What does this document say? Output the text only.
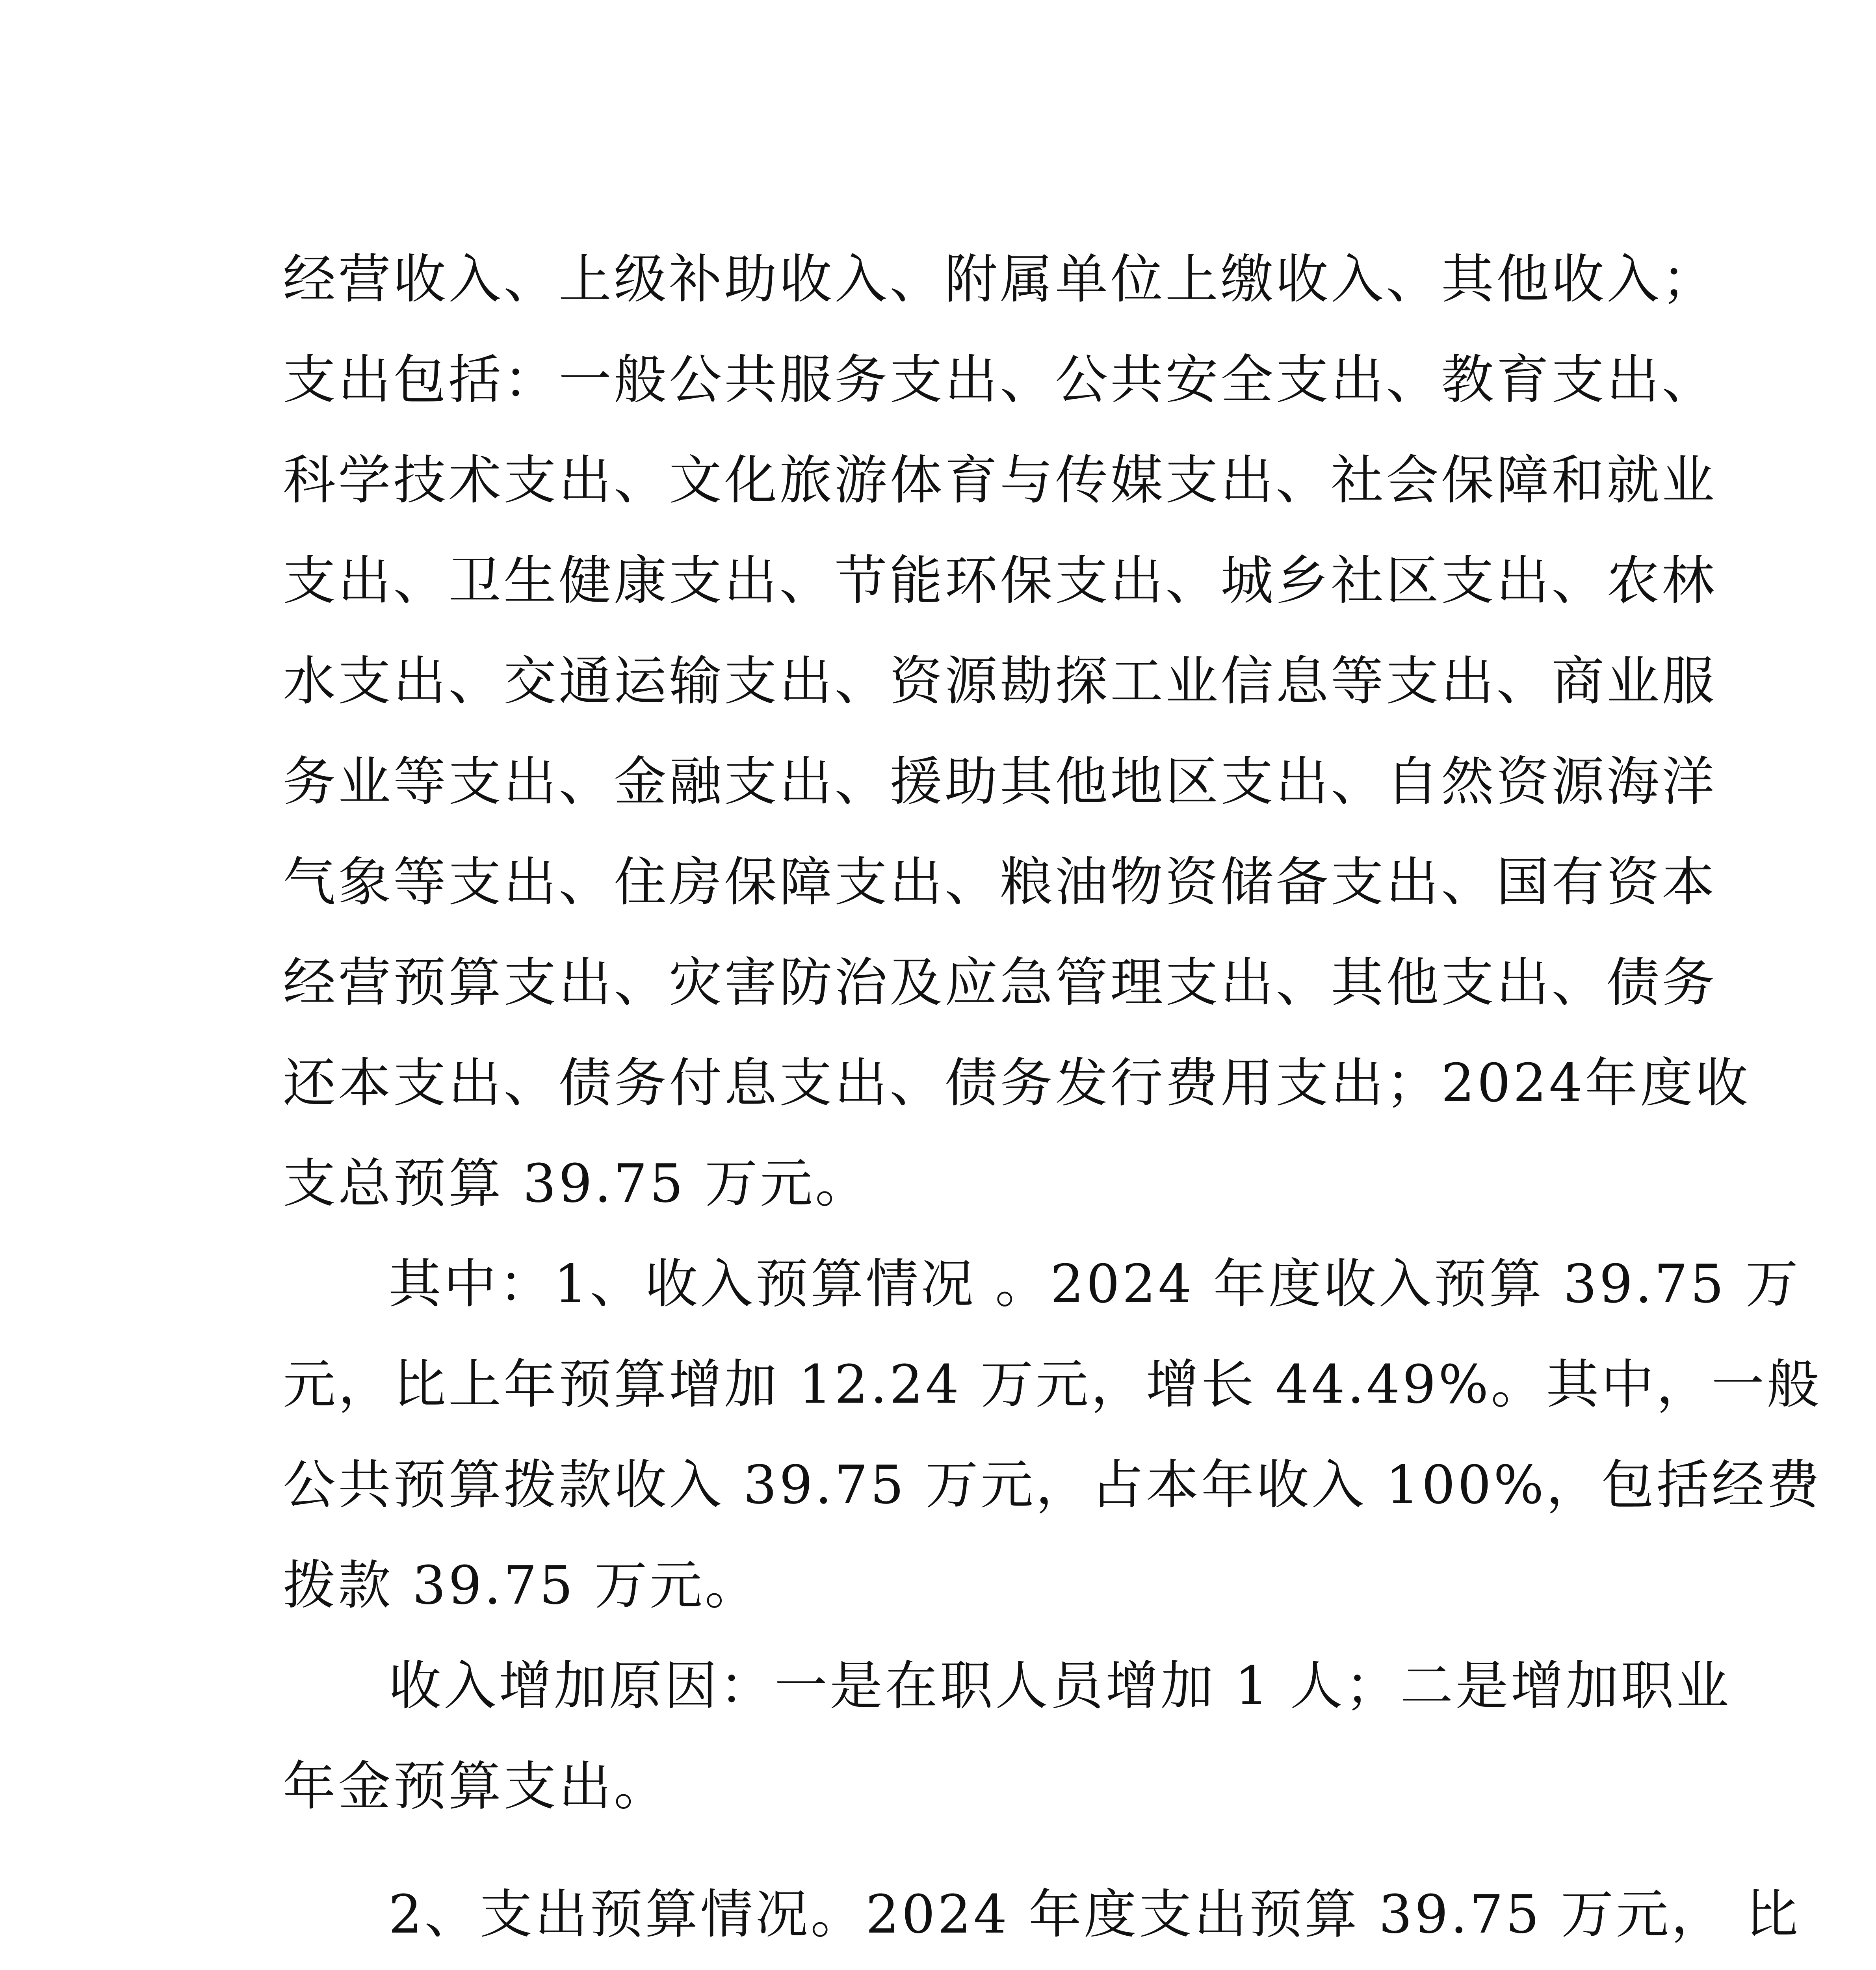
经营收入、上级补助收入、附属单位上缴收入、其他收入；
支出包括：一般公共服务支出、公共安全支出、教育支出、
科学技术支出、文化旅游体育与传媒支出、社会保障和就业
支出、卫生健康支出、节能环保支出、城乡社区支出、农林
水支出、交通运输支出、资源勘探工业信息等支出、商业服
务业等支出、金融支出、援助其他地区支出、自然资源海洋
气象等支出、住房保障支出、粮油物资储备支出、国有资本
经营预算支出、灾害防治及应急管理支出、其他支出、债务
还本支出、债务付息支出、债务发行费用支出；2024年度收
支总预算 39.75 万元。
其中：1、收入预算情况 。2024 年度收入预算 39.75 万
元，比上年预算增加 12.24 万元，增长 44.49%。其中，一般
公共预算拨款收入 39.75 万元，占本年收入 100%，包括经费
拨款 39.75 万元。
收入增加原因：一是在职人员增加 1 人；二是增加职业
年金预算支出。
2、支出预算情况。2024 年度支出预算 39.75 万元， 比
